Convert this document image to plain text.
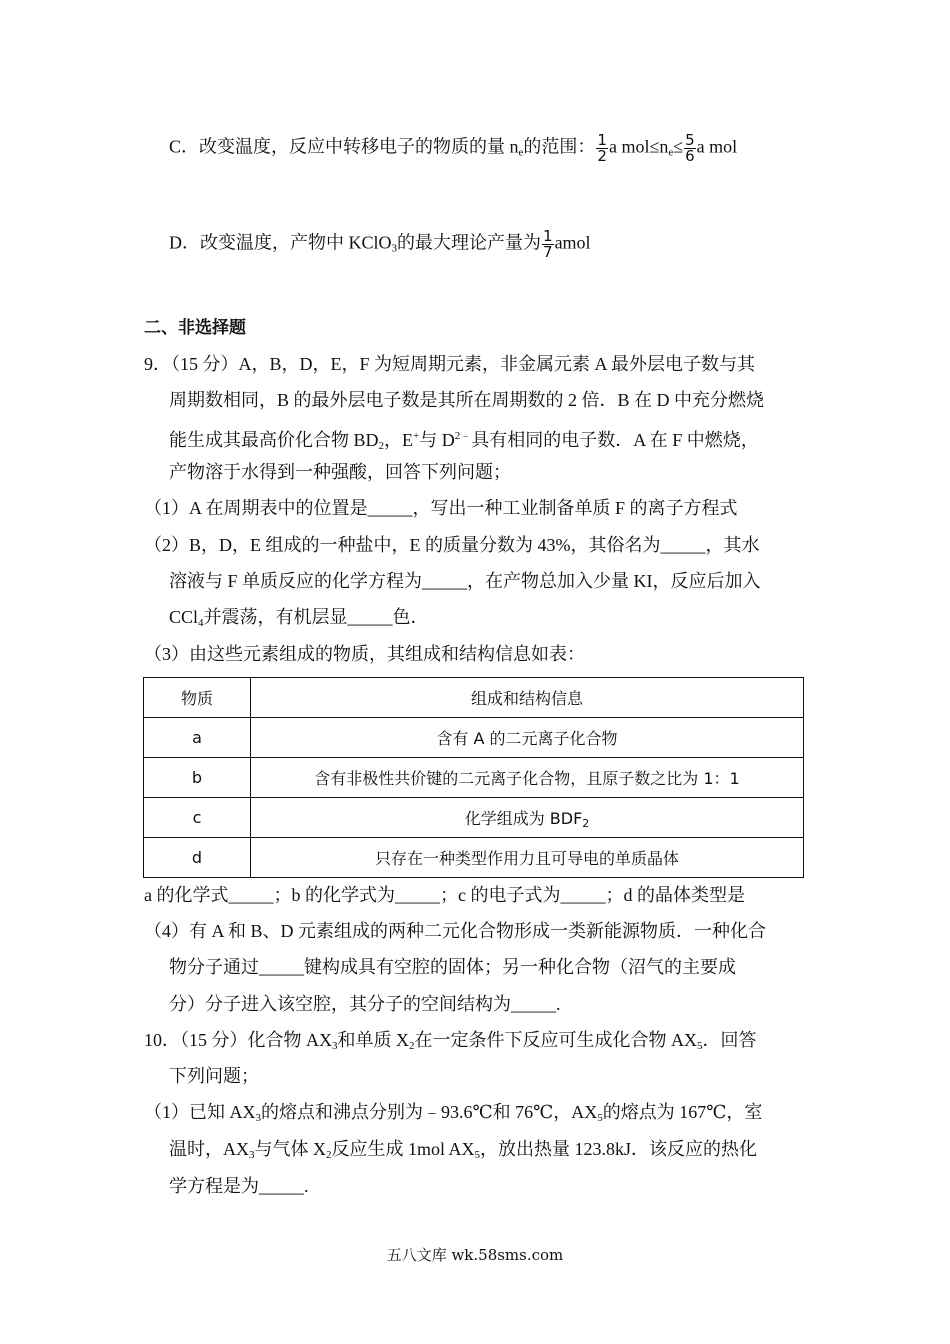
C．改变温度，反应中转移电子的物质的量 $n_e$的范围： $\frac{1}{2}$ a $mol\le n_e\le \frac{5}{6}$ a mol
D．改变温度，产物中 KClO$_3$的最大理论产量为 $\frac{1}{7}$ amol
二、非选择题
9．（15 分）A，B，D，E，F 为短周期元素，非金属元素 A 最外层电子数与其
周期数相同，B 的最外层电子数是其所在周期数的 2 倍．B 在 D 中充分燃烧
能生成其最高价化合物 $BD_2$，E+与 $D^{2﹣}$具有相同的电子数．A 在 F 中燃烧，
产物溶于水得到一种强酸，回答下列问题；
（1）A 在周期表中的位置是_____，写出一种工业制备单质 F 的离子方程式
（2）B，D，E 组成的一种盐中，E 的质量分数为 43%，其俗名为_____，其水
溶液与 F 单质反应的化学方程为_____，在产物总加入少量 KI，反应后加入
CCl$_4$并震荡，有机层显_____色．
（3）由这些元素组成的物质，其组成和结构信息如表：
物质	组成和结构信息
a	含有 A 的二元离子化合物
b	含有非极性共价键的二元离子化合物，且原子数之比为 1：1
c	化学组成为 $BDF_2$
d	只存在一种类型作用力且可导电的单质晶体
a 的化学式_____；b 的化学式为_____；c 的电子式为_____；d 的晶体类型是
（4）有 A 和 B、D 元素组成的两种二元化合物形成一类新能源物质．一种化合
物分子通过_____键构成具有空腔的固体；另一种化合物（沼气的主要成
分）分子进入该空腔，其分子的空间结构为_____.
10．（15 分）化合物 $AX_3$和单质 $X_2$在一定条件下反应可生成化合物 $AX_5$．回答
下列问题；
（1）已知 $AX_3$的熔点和沸点分别为﹣93.6℃和 76℃，$AX_5$的熔点为 167℃，室
温时，$AX_3$与气体 $X_2$反应生成 1mol $AX_5$，放出热量 123.8kJ．该反应的热化
学方程是为_____.
五八文库 wk.58sms.com
